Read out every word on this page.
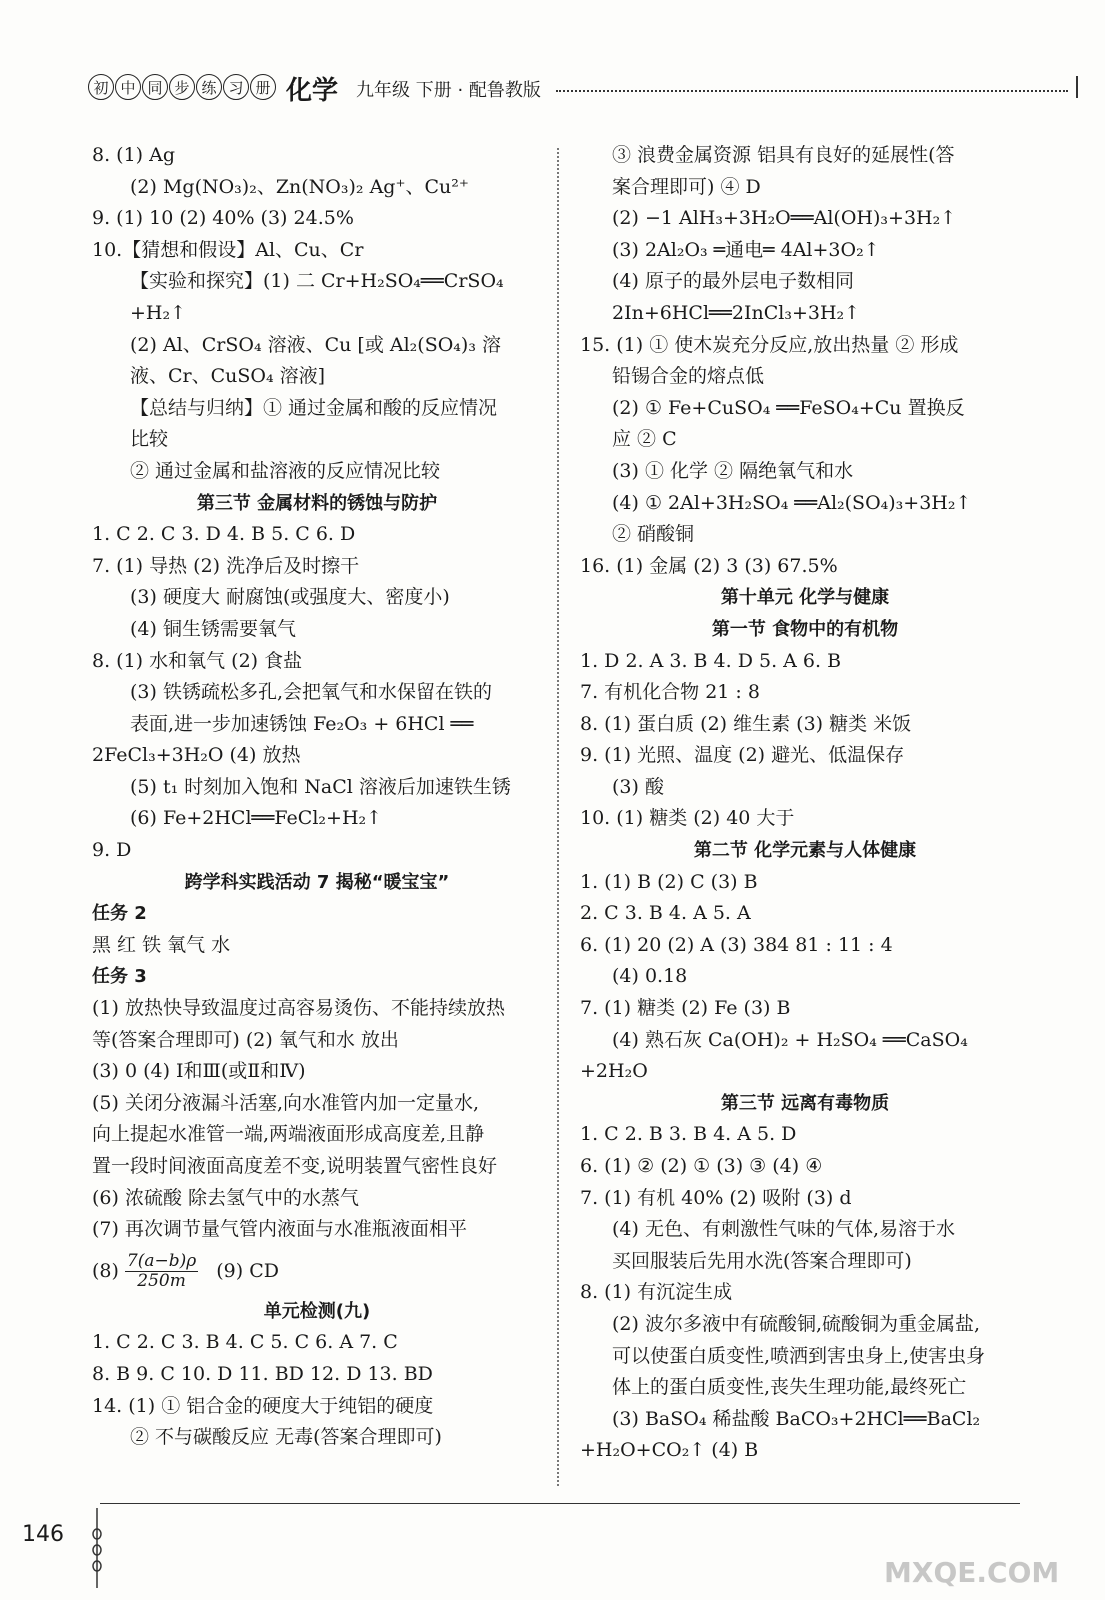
初 中 同 步 练 习 册 化学 九年级 下册 · 配鲁教版
8. (1) Ag
(2) Mg(NO₃)₂、Zn(NO₃)₂ Ag⁺、Cu²⁺
9. (1) 10 (2) 40% (3) 24.5%
10.【猜想和假设】Al、Cu、Cr
【实验和探究】(1) 二 Cr+H₂SO₄══CrSO₄
+H₂↑
(2) Al、CrSO₄ 溶液、Cu [或 Al₂(SO₄)₃ 溶
液、Cr、CuSO₄ 溶液]
【总结与归纳】① 通过金属和酸的反应情况
比较
② 通过金属和盐溶液的反应情况比较
第三节 金属材料的锈蚀与防护
1. C 2. C 3. D 4. B 5. C 6. D
7. (1) 导热 (2) 洗净后及时擦干
(3) 硬度大 耐腐蚀(或强度大、密度小)
(4) 铜生锈需要氧气
8. (1) 水和氧气 (2) 食盐
(3) 铁锈疏松多孔,会把氧气和水保留在铁的
表面,进一步加速锈蚀 Fe₂O₃ + 6HCl ══
2FeCl₃+3H₂O (4) 放热
(5) t₁ 时刻加入饱和 NaCl 溶液后加速铁生锈
(6) Fe+2HCl══FeCl₂+H₂↑
9. D
跨学科实践活动 7 揭秘“暖宝宝”
任务 2
黑 红 铁 氧气 水
任务 3
(1) 放热快导致温度过高容易烫伤、不能持续放热
等(答案合理即可) (2) 氧气和水 放出
(3) 0 (4) Ⅰ和Ⅲ(或Ⅱ和Ⅳ)
(5) 关闭分液漏斗活塞,向水准管内加一定量水,
向上提起水准管一端,两端液面形成高度差,且静
置一段时间液面高度差不变,说明装置气密性良好
(6) 浓硫酸 除去氢气中的水蒸气
(7) 再次调节量气管内液面与水准瓶液面相平
$(8) \frac{7(a-b)\rho}{250m} (9)$ CD
单元检测(九)
1. C 2. C 3. B 4. C 5. C 6. A 7. C
8. B 9. C 10. D 11. BD 12. D 13. BD
14. (1) ① 铝合金的硬度大于纯铝的硬度
② 不与碳酸反应 无毒(答案合理即可)
③ 浪费金属资源 铝具有良好的延展性(答
案合理即可) ④ D
(2) −1 AlH₃+3H₂O══Al(OH)₃+3H₂↑
(3) 2Al₂O₃ ═通电═ 4Al+3O₂↑
(4) 原子的最外层电子数相同
2In+6HCl══2InCl₃+3H₂↑
15. (1) ① 使木炭充分反应,放出热量 ② 形成
铅锡合金的熔点低
(2) ① Fe+CuSO₄ ══FeSO₄+Cu 置换反
应 ② C
(3) ① 化学 ② 隔绝氧气和水
(4) ① 2Al+3H₂SO₄ ══Al₂(SO₄)₃+3H₂↑
② 硝酸铜
16. (1) 金属 (2) 3 (3) 67.5%
第十单元 化学与健康
第一节 食物中的有机物
1. D 2. A 3. B 4. D 5. A 6. B
7. 有机化合物 21 : 8
8. (1) 蛋白质 (2) 维生素 (3) 糖类 米饭
9. (1) 光照、温度 (2) 避光、低温保存
(3) 酸
10. (1) 糖类 (2) 40 大于
第二节 化学元素与人体健康
1. (1) B (2) C (3) B
2. C 3. B 4. A 5. A
6. (1) 20 (2) A (3) 384 81 : 11 : 4
(4) 0.18
7. (1) 糖类 (2) Fe (3) B
(4) 熟石灰 Ca(OH)₂ + H₂SO₄ ══CaSO₄
+2H₂O
第三节 远离有毒物质
1. C 2. B 3. B 4. A 5. D
6. (1) ② (2) ① (3) ③ (4) ④
7. (1) 有机 40% (2) 吸附 (3) d
(4) 无色、有刺激性气味的气体,易溶于水
买回服装后先用水洗(答案合理即可)
8. (1) 有沉淀生成
(2) 波尔多液中有硫酸铜,硫酸铜为重金属盐,
可以使蛋白质变性,喷洒到害虫身上,使害虫身
体上的蛋白质变性,丧失生理功能,最终死亡
(3) BaSO₄ 稀盐酸 BaCO₃+2HCl══BaCl₂
+H₂O+CO₂↑ (4) B
146
MXQE.COM
